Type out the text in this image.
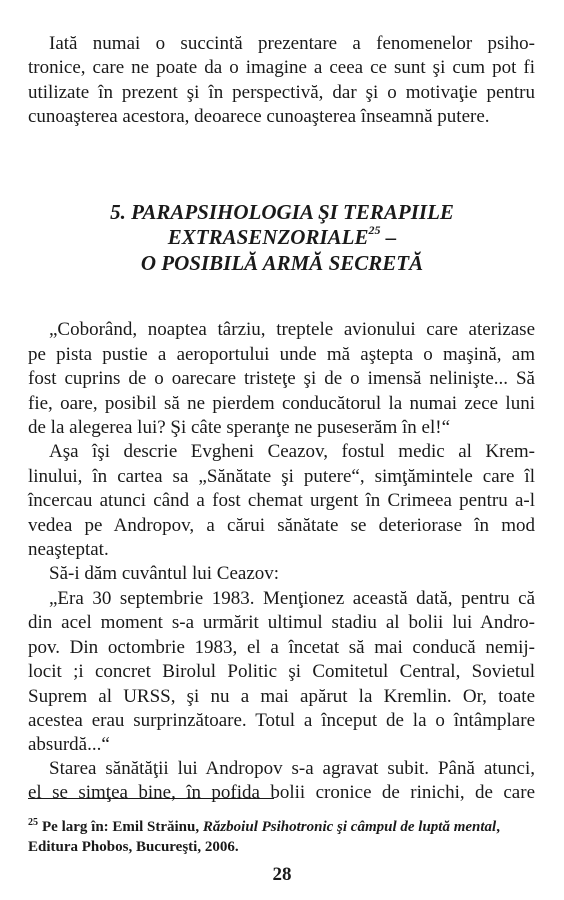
Iată numai o succintă prezentare a fenomenelor psiho-
tronice, care ne poate da o imagine a ceea ce sunt şi cum pot fi
utilizate în prezent şi în perspectivă, dar şi o motivaţie pentru
cunoaşterea acestora, deoarece cunoaşterea înseamnă putere.
5. PARAPSIHOLOGIA ŞI TERAPIILE
EXTRASENZORIALE$^{25}$ –
O POSIBILĂ ARMĂ SECRETĂ
„Coborând, noaptea târziu, treptele avionului care aterizase
pe pista pustie a aeroportului unde mă aştepta o maşină, am
fost cuprins de o oarecare tristeţe şi de o imensă nelinişte... Să
fie, oare, posibil să ne pierdem conducătorul la numai zece luni
de la alegerea lui? Şi câte speranţe ne puseserăm în el!“
Aşa îşi descrie Evgheni Ceazov, fostul medic al Krem-
linului, în cartea sa „Sănătate şi putere“, simţămintele care îl
încercau atunci când a fost chemat urgent în Crimeea pentru a-l
vedea pe Andropov, a cărui sănătate se deteriorase în mod
neaşteptat.
Să-i dăm cuvântul lui Ceazov:
„Era 30 septembrie 1983. Menţionez această dată, pentru că
din acel moment s-a urmărit ultimul stadiu al bolii lui Andro-
pov. Din octombrie 1983, el a încetat să mai conducă nemij-
locit ;i concret Birolul Politic şi Comitetul Central, Sovietul
Suprem al URSS, şi nu a mai apărut la Kremlin. Or, toate
acestea erau surprinzătoare. Totul a început de la o întâmplare
absurdă...“
Starea sănătăţii lui Andropov s-a agravat subit. Până atunci,
el se simţea bine, în pofida bolii cronice de rinichi, de care
$^{25}$ Pe larg în: Emil Străinu, Războiul Psihotronic şi câmpul de luptă mental,
Editura Phobos, Bucureşti, 2006.
28
